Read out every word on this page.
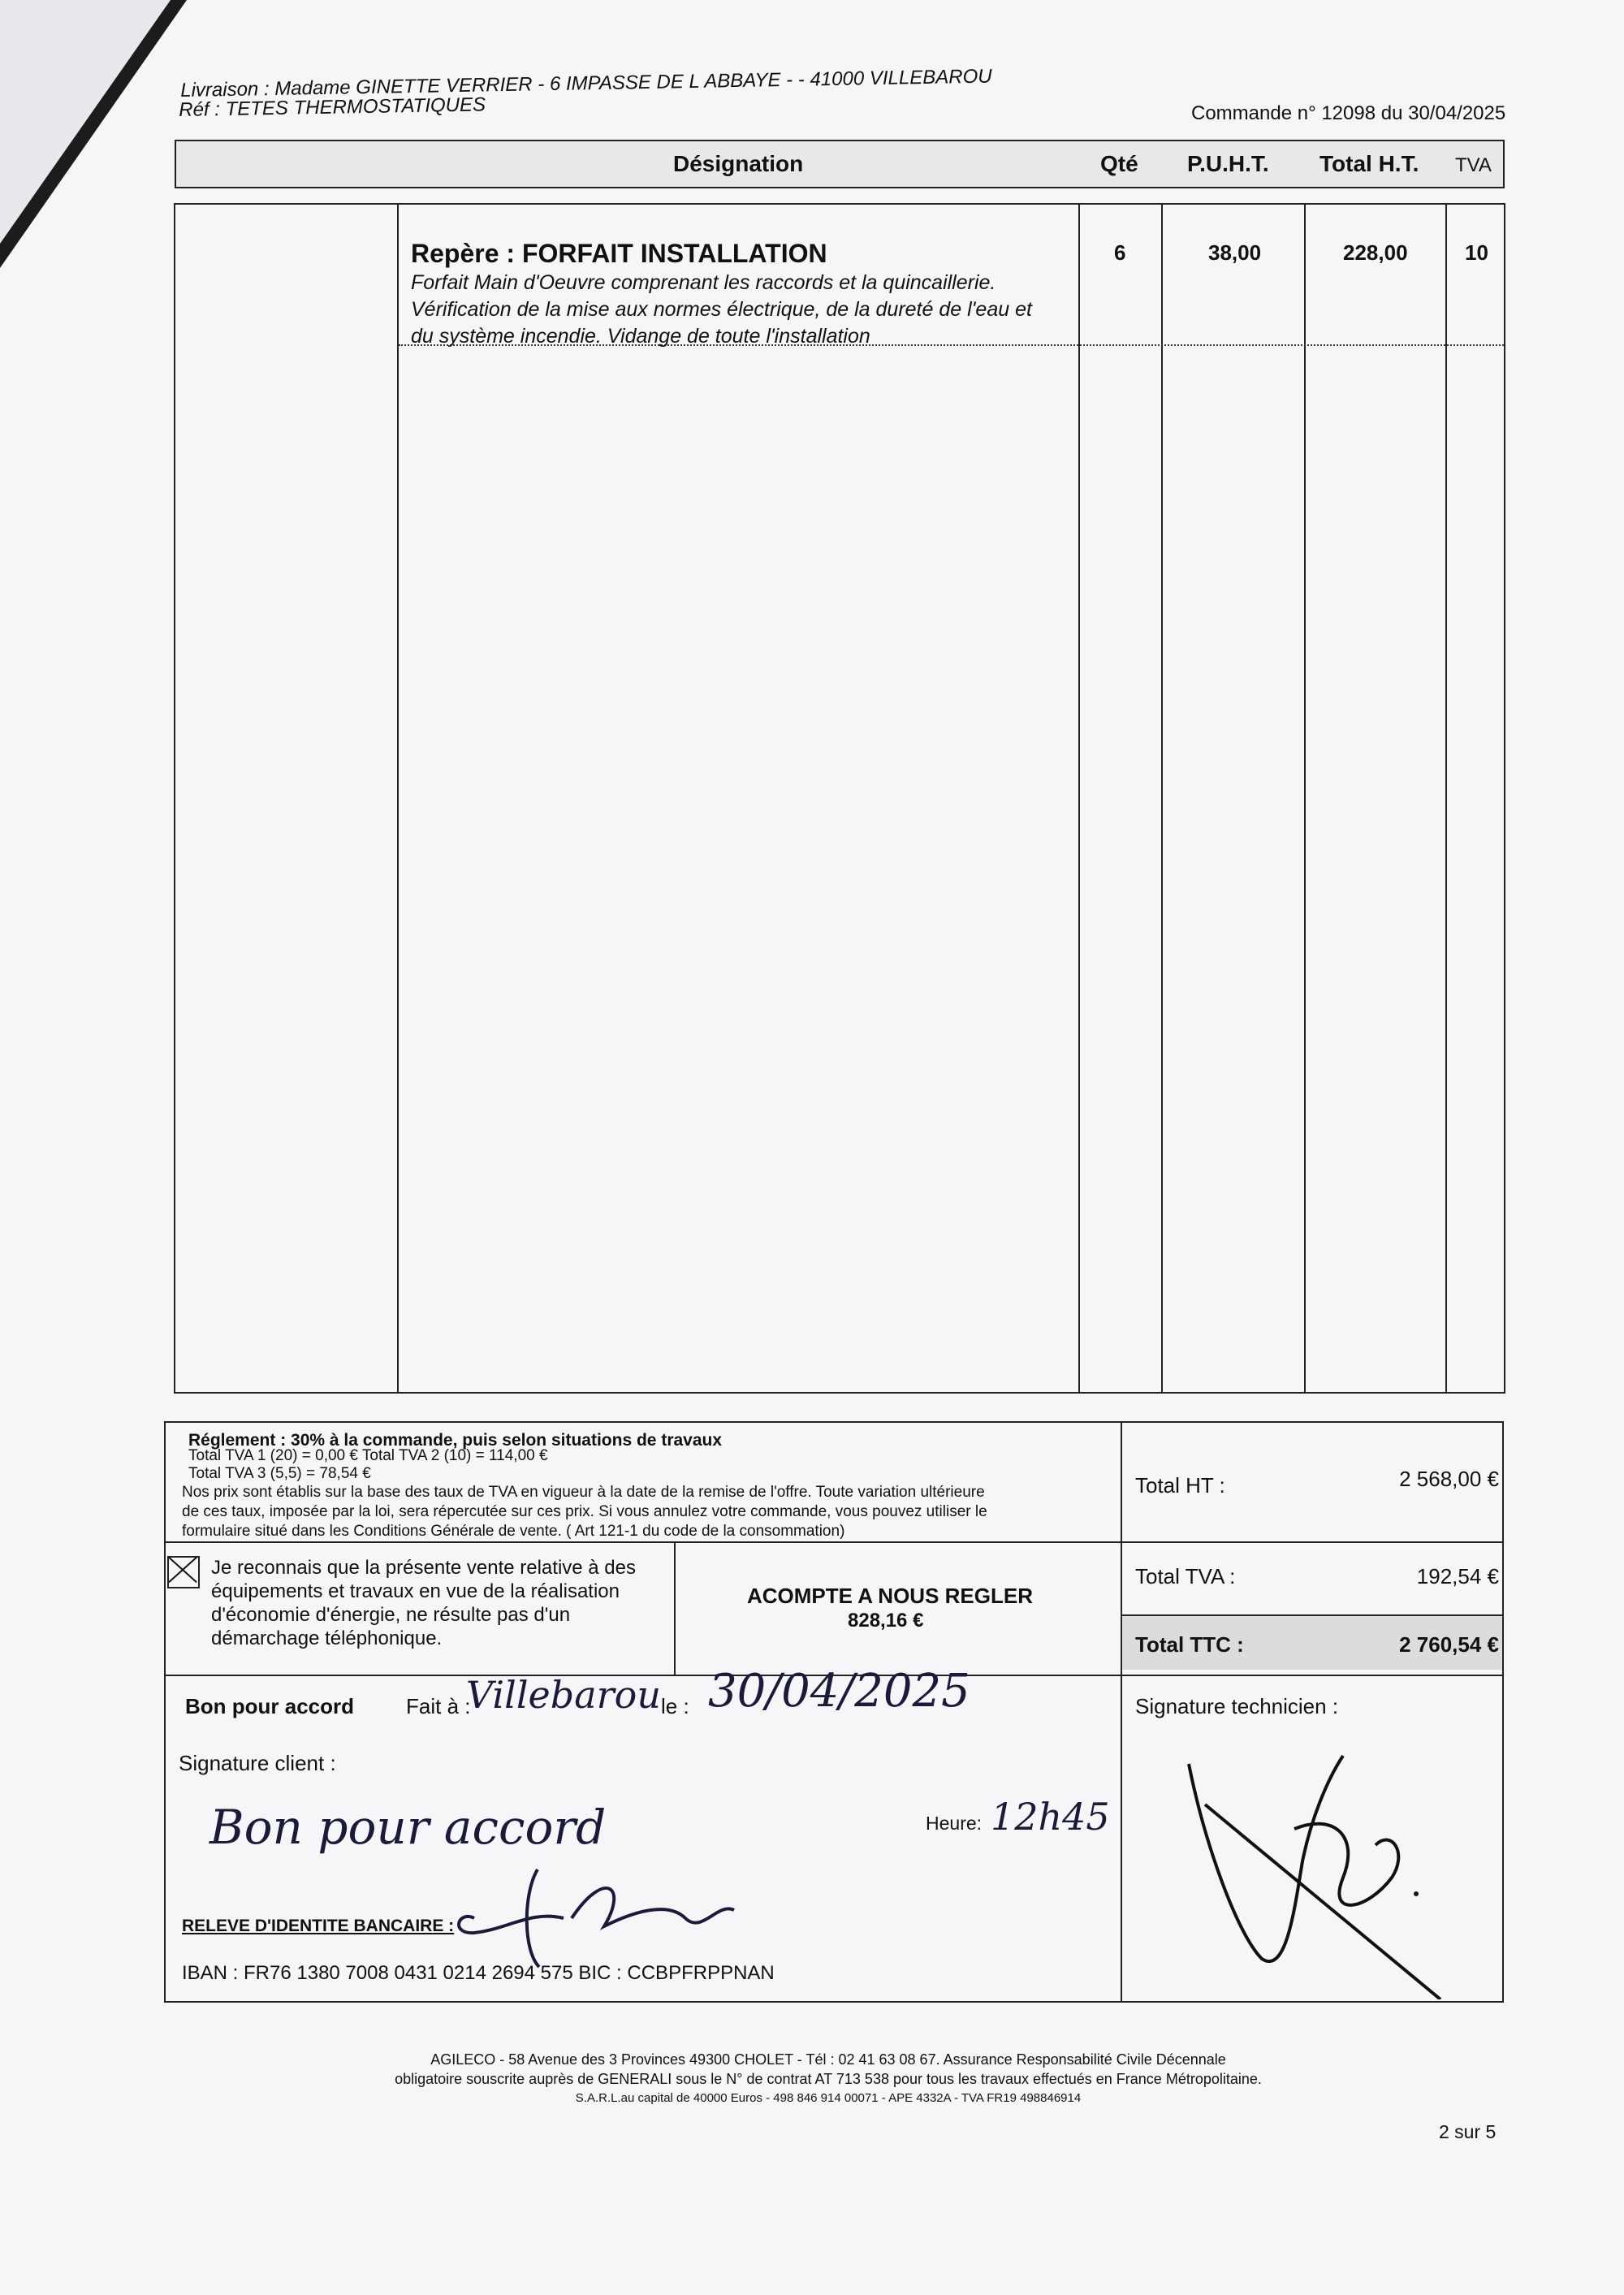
Livraison : Madame GINETTE VERRIER - 6 IMPASSE DE L ABBAYE - - 41000 VILLEBAROU
Réf : TETES THERMOSTATIQUES	Commande n° 12098 du 30/04/2025
Désignation	Qté P.U.H.T. Total H.T. TVA
Repère : FORFAIT INSTALLATION
Forfait Main d'Oeuvre comprenant les raccords et la quincaillerie.
Vérification de la mise aux normes électrique, de la dureté de l'eau et
du système incendie. Vidange de toute l'installation
6	38,00	228,00	10
Réglement : 30% à la commande, puis selon situations de travaux
Total TVA 1 (20) = 0,00 € Total TVA 2 (10) = 114,00 €
Total TVA 3 (5,5) = 78,54 €
Nos prix sont établis sur la base des taux de TVA en vigueur à la date de la remise de l'offre. Toute variation ultérieure
de ces taux, imposée par la loi, sera répercutée sur ces prix. Si vous annulez votre commande, vous pouvez utiliser le
formulaire situé dans les Conditions Générale de vente. ( Art 121-1 du code de la consommation)
Je reconnais que la présente vente relative à des
équipements et travaux en vue de la réalisation
d'économie d'énergie, ne résulte pas d'un
démarchage téléphonique.
ACOMPTE A NOUS REGLER
828,16 €
Total HT :	2 568,00 €
Total TVA :	192,54 €
Total TTC :	2 760,54 €
Bon pour accord Fait à :
Villebarou le : 30/04/2025	Signature technicien :
Signature client :
Bon pour accord	Heure: 12h45
RELEVE D'IDENTITE BANCAIRE :
IBAN : FR76 1380 7008 0431 0214 2694 575 BIC : CCBPFRPPNAN
AGILECO - 58 Avenue des 3 Provinces 49300 CHOLET - Tél : 02 41 63 08 67. Assurance Responsabilité Civile Décennale
obligatoire souscrite auprès de GENERALI sous le N° de contrat AT 713 538 pour tous les travaux effectués en France Métropolitaine.
S.A.R.L.au capital de 40000 Euros - 498 846 914 00071 - APE 4332A - TVA FR19 498846914
2 sur 5
